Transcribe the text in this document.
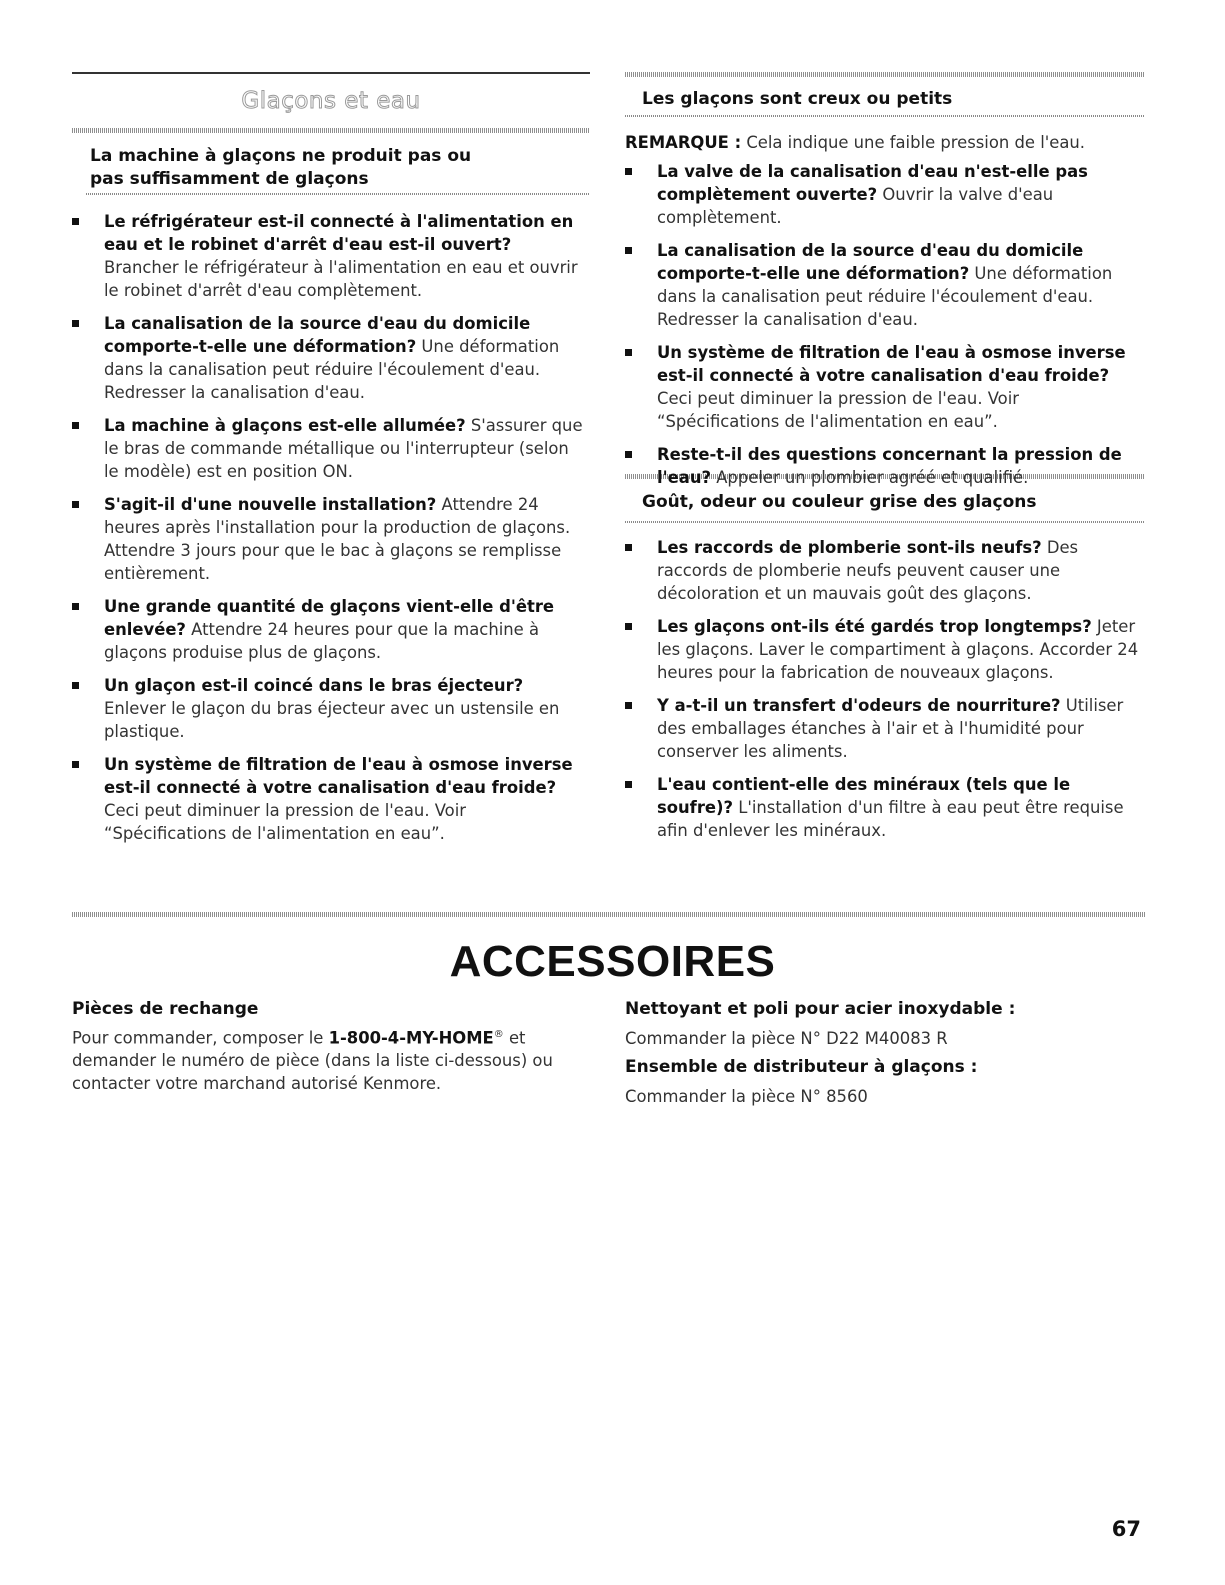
Glaçons et eau
La machine à glaçons ne produit pas ou pas suffisamment de glaçons
Le réfrigérateur est-il connecté à l'alimentation en eau et le robinet d'arrêt d'eau est-il ouvert? Brancher le réfrigérateur à l'alimentation en eau et ouvrir le robinet d'arrêt d'eau complètement.
La canalisation de la source d'eau du domicile comporte-t-elle une déformation? Une déformation dans la canalisation peut réduire l'écoulement d'eau. Redresser la canalisation d'eau.
La machine à glaçons est-elle allumée? S'assurer que le bras de commande métallique ou l'interrupteur (selon le modèle) est en position ON.
S'agit-il d'une nouvelle installation? Attendre 24 heures après l'installation pour la production de glaçons. Attendre 3 jours pour que le bac à glaçons se remplisse entièrement.
Une grande quantité de glaçons vient-elle d'être enlevée? Attendre 24 heures pour que la machine à glaçons produise plus de glaçons.
Un glaçon est-il coincé dans le bras éjecteur? Enlever le glaçon du bras éjecteur avec un ustensile en plastique.
Un système de filtration de l'eau à osmose inverse est-il connecté à votre canalisation d'eau froide? Ceci peut diminuer la pression de l'eau. Voir “Spécifications de l'alimentation en eau”.
Les glaçons sont creux ou petits
REMARQUE : Cela indique une faible pression de l'eau.
La valve de la canalisation d'eau n'est-elle pas complètement ouverte? Ouvrir la valve d'eau complètement.
La canalisation de la source d'eau du domicile comporte-t-elle une déformation? Une déformation dans la canalisation peut réduire l'écoulement d'eau. Redresser la canalisation d'eau.
Un système de filtration de l'eau à osmose inverse est-il connecté à votre canalisation d'eau froide? Ceci peut diminuer la pression de l'eau. Voir “Spécifications de l'alimentation en eau”.
Reste-t-il des questions concernant la pression de l'eau? Appeler un plombier agréé et qualifié.
Goût, odeur ou couleur grise des glaçons
Les raccords de plomberie sont-ils neufs? Des raccords de plomberie neufs peuvent causer une décoloration et un mauvais goût des glaçons.
Les glaçons ont-ils été gardés trop longtemps? Jeter les glaçons. Laver le compartiment à glaçons. Accorder 24 heures pour la fabrication de nouveaux glaçons.
Y a-t-il un transfert d'odeurs de nourriture? Utiliser des emballages étanches à l'air et à l'humidité pour conserver les aliments.
L'eau contient-elle des minéraux (tels que le soufre)? L'installation d'un filtre à eau peut être requise afin d'enlever les minéraux.
ACCESSOIRES
Pièces de rechange
Pour commander, composer le 1-800-4-MY-HOME® et demander le numéro de pièce (dans la liste ci-dessous) ou contacter votre marchand autorisé Kenmore.
Nettoyant et poli pour acier inoxydable :
Commander la pièce N° D22 M40083 R
Ensemble de distributeur à glaçons :
Commander la pièce N° 8560
67
